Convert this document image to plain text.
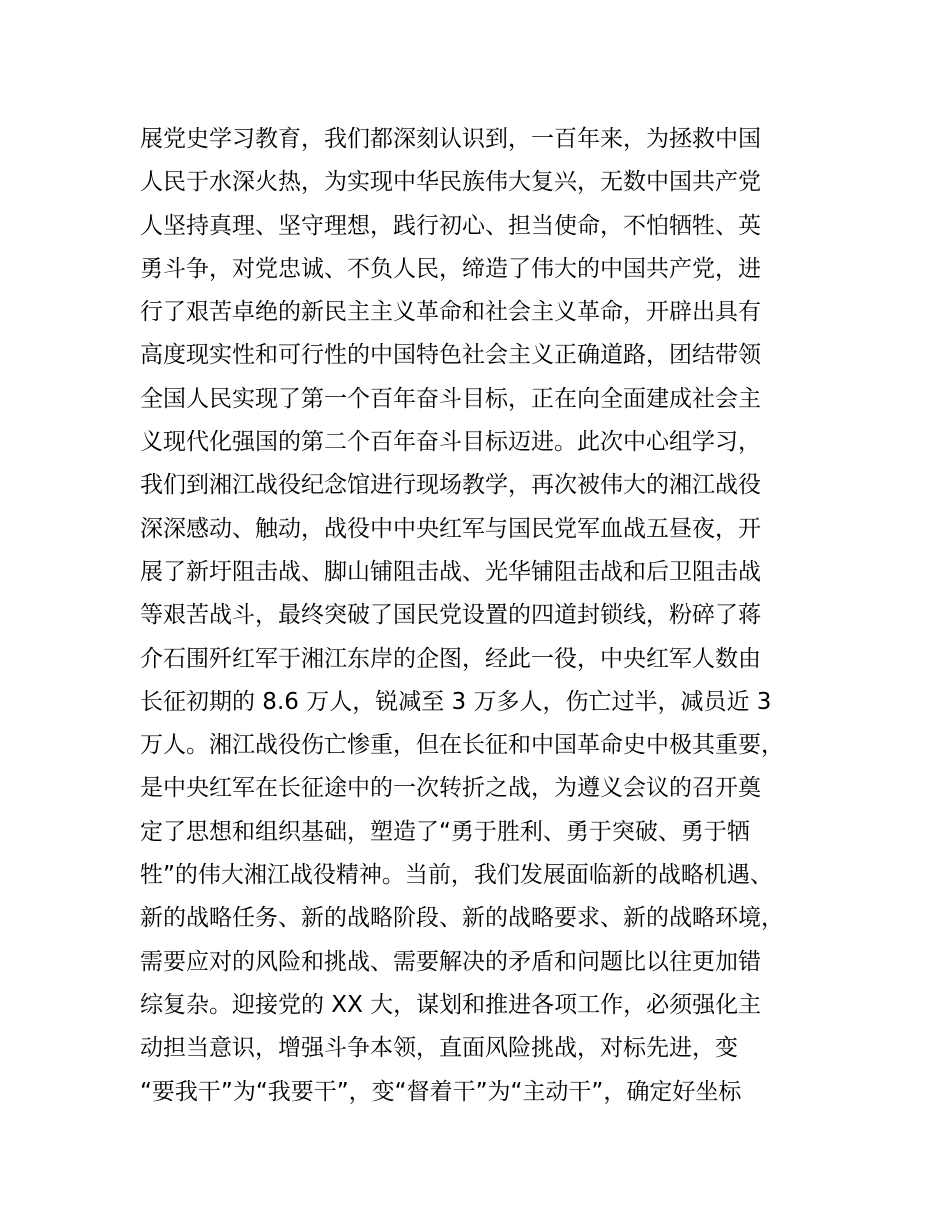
展党史学习教育，我们都深刻认识到，一百年来，为拯救中国
人民于水深火热，为实现中华民族伟大复兴，无数中国共产党
人坚持真理、坚守理想，践行初心、担当使命，不怕牺牲、英
勇斗争，对党忠诚、不负人民，缔造了伟大的中国共产党，进
行了艰苦卓绝的新民主主义革命和社会主义革命，开辟出具有
高度现实性和可行性的中国特色社会主义正确道路，团结带领
全国人民实现了第一个百年奋斗目标，正在向全面建成社会主
义现代化强国的第二个百年奋斗目标迈进。此次中心组学习，
我们到湘江战役纪念馆进行现场教学，再次被伟大的湘江战役
深深感动、触动，战役中中央红军与国民党军血战五昼夜，开
展了新圩阻击战、脚山铺阻击战、光华铺阻击战和后卫阻击战
等艰苦战斗，最终突破了国民党设置的四道封锁线，粉碎了蒋
介石围歼红军于湘江东岸的企图，经此一役，中央红军人数由
长征初期的 8.6 万人，锐减至 3 万多人，伤亡过半，减员近 3
万人。湘江战役伤亡惨重，但在长征和中国革命史中极其重要，
是中央红军在长征途中的一次转折之战，为遵义会议的召开奠
定了思想和组织基础，塑造了“勇于胜利、勇于突破、勇于牺
牲”的伟大湘江战役精神。当前，我们发展面临新的战略机遇、
新的战略任务、新的战略阶段、新的战略要求、新的战略环境，
需要应对的风险和挑战、需要解决的矛盾和问题比以往更加错
综复杂。迎接党的 XX 大，谋划和推进各项工作，必须强化主
动担当意识，增强斗争本领，直面风险挑战，对标先进，变
“要我干”为“我要干”，变“督着干”为“主动干”，确定好坐标
